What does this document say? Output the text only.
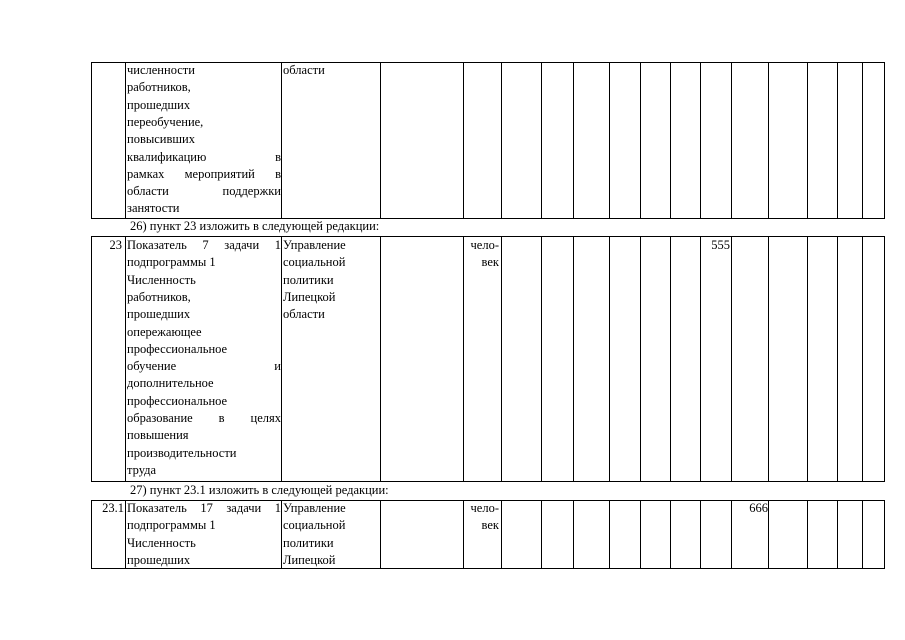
численности
работников,
прошедших
переобучение,
повысивших
квалификацию в
рамках мероприятий в
области поддержки
занятости
области
26) пункт 23 изложить в следующей редакции:
23 Показатель 7 задачи 1
подпрограммы 1
Численность
работников,
прошедших
опережающее
профессиональное
обучение и
дополнительное
профессиональное
образование в целях
повышения
производительности
труда
Управление
социальной
политики
Липецкой
области
чело-
век
555
27) пункт 23.1 изложить в следующей редакции:
23.1 Показатель 17 задачи 1
подпрограммы 1
Численность
прошедших
Управление
социальной
политики
Липецкой
чело-
век
666
